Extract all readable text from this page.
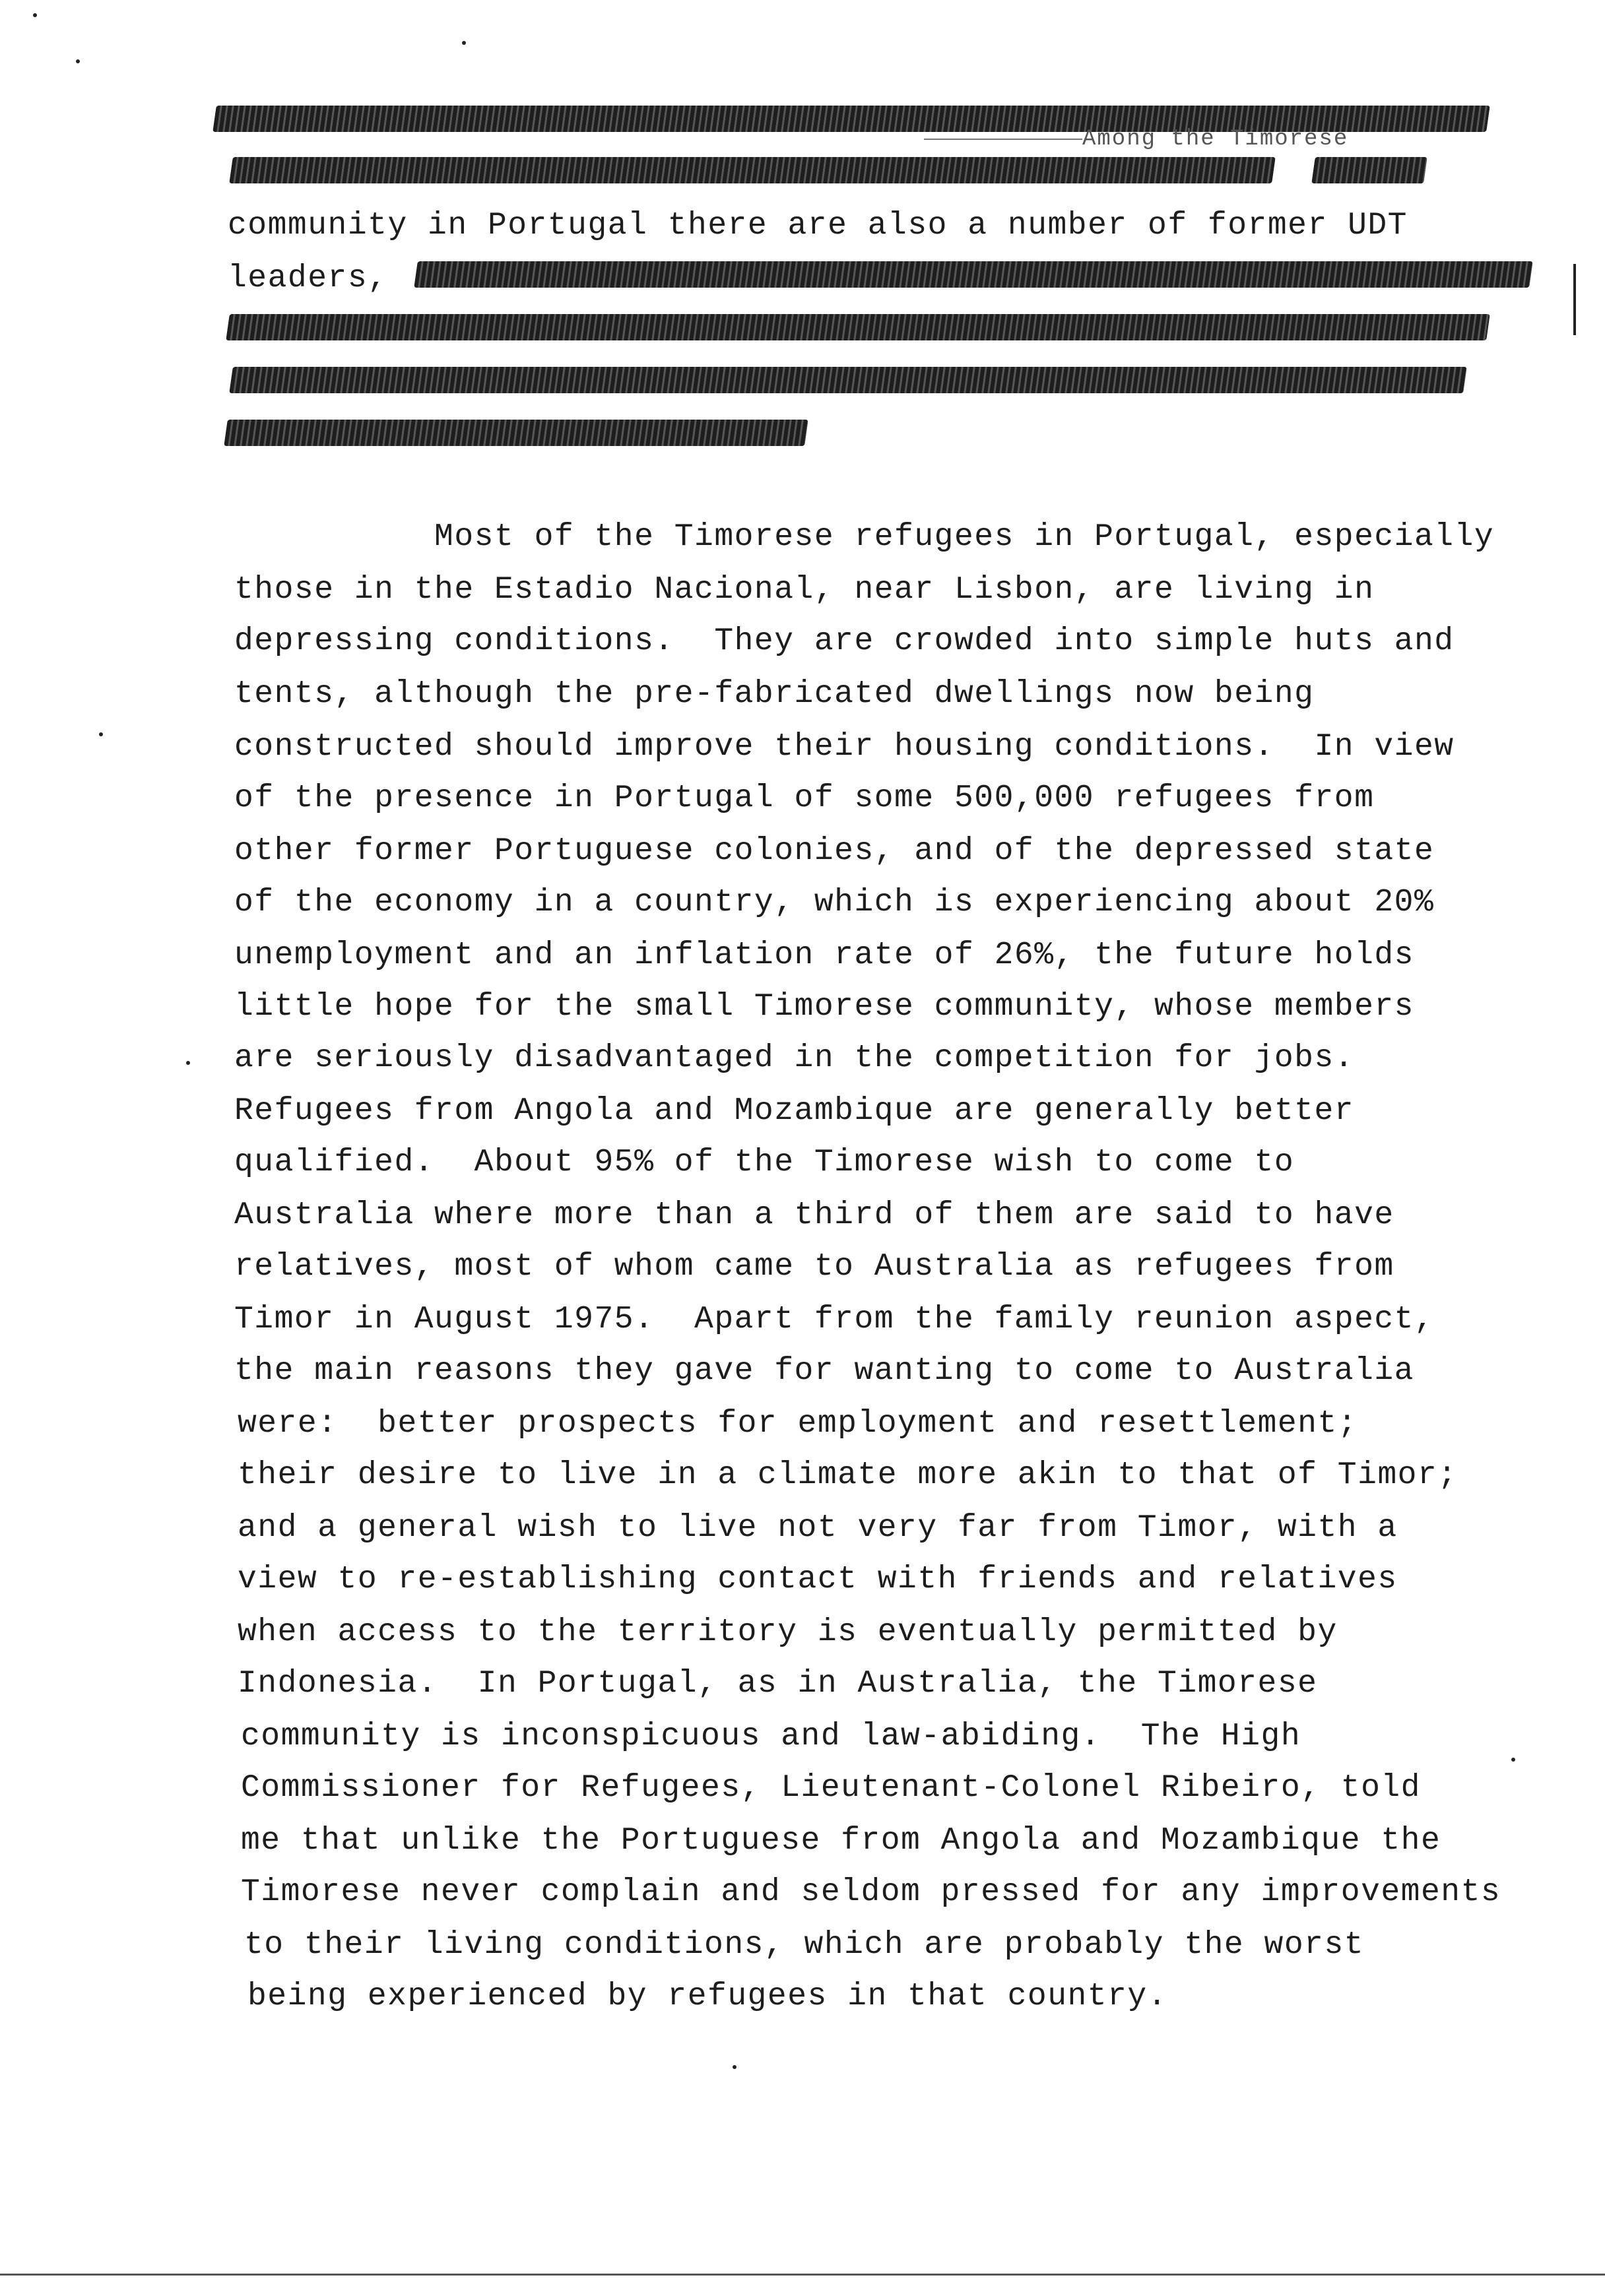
Among the Timorese
community in Portugal there are also a number of former UDT
leaders,
Most of the Timorese refugees in Portugal, especially
those in the Estadio Nacional, near Lisbon, are living in
depressing conditions.  They are crowded into simple huts and
tents, although the pre-fabricated dwellings now being
constructed should improve their housing conditions.  In view
of the presence in Portugal of some 500,000 refugees from
other former Portuguese colonies, and of the depressed state
of the economy in a country, which is experiencing about 20%
unemployment and an inflation rate of 26%, the future holds
little hope for the small Timorese community, whose members
are seriously disadvantaged in the competition for jobs.
Refugees from Angola and Mozambique are generally better
qualified.  About 95% of the Timorese wish to come to
Australia where more than a third of them are said to have
relatives, most of whom came to Australia as refugees from
Timor in August 1975.  Apart from the family reunion aspect,
the main reasons they gave for wanting to come to Australia
were:  better prospects for employment and resettlement;
their desire to live in a climate more akin to that of Timor;
and a general wish to live not very far from Timor, with a
view to re-establishing contact with friends and relatives
when access to the territory is eventually permitted by
Indonesia.  In Portugal, as in Australia, the Timorese
community is inconspicuous and law-abiding.  The High
Commissioner for Refugees, Lieutenant-Colonel Ribeiro, told
me that unlike the Portuguese from Angola and Mozambique the
Timorese never complain and seldom pressed for any improvements
to their living conditions, which are probably the worst
being experienced by refugees in that country.
